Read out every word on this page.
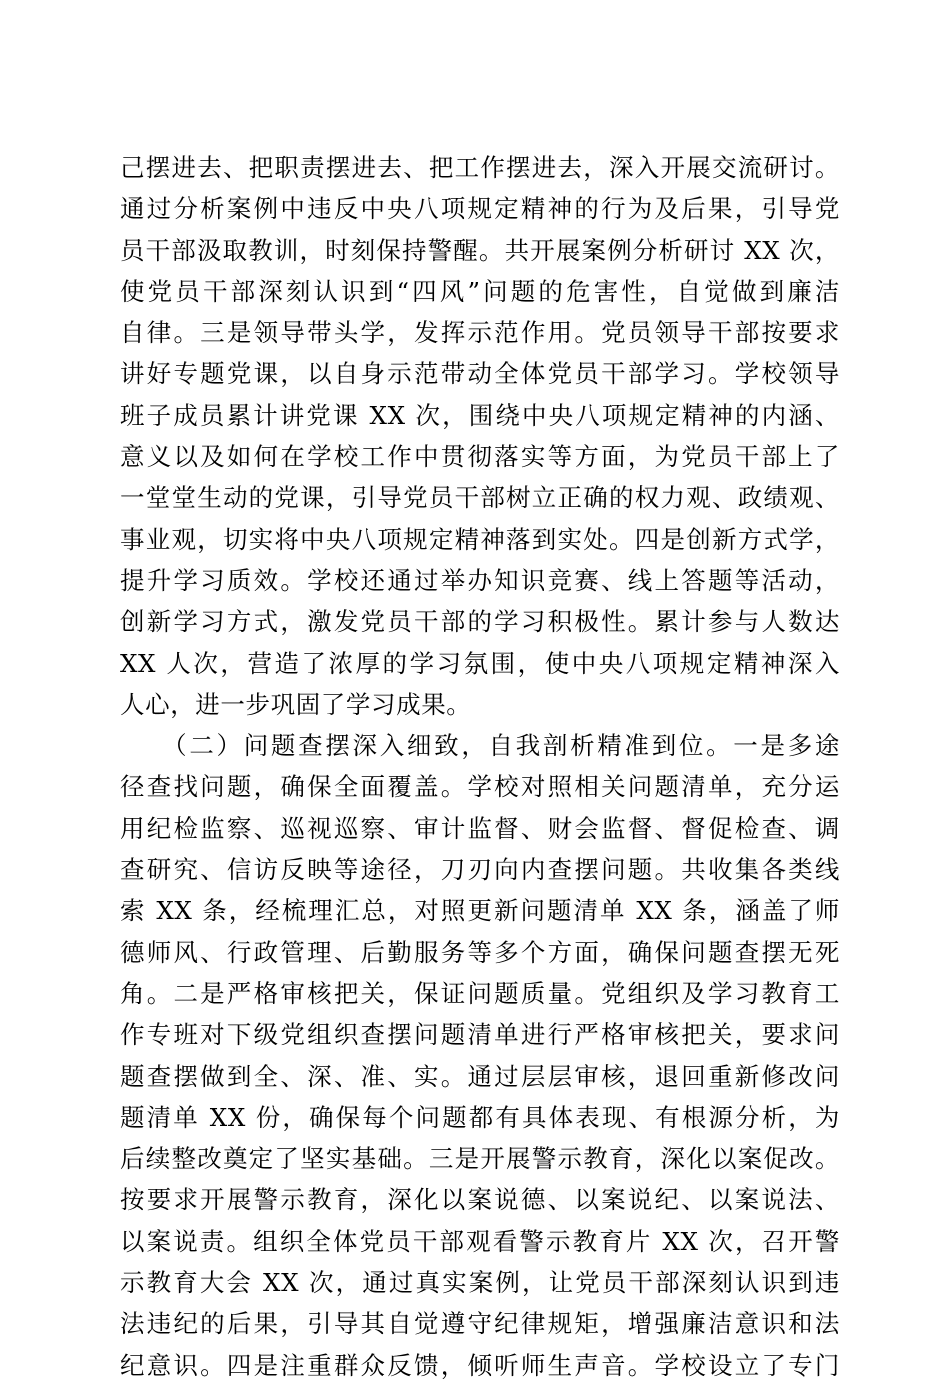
己摆进去、把职责摆进去、把工作摆进去，深入开展交流研讨。
通过分析案例中违反中央八项规定精神的行为及后果，引导党
员干部汲取教训，时刻保持警醒。共开展案例分析研讨 XX 次，
使党员干部深刻认识到“四风”问题的危害性，自觉做到廉洁
自律。三是领导带头学，发挥示范作用。党员领导干部按要求
讲好专题党课，以自身示范带动全体党员干部学习。学校领导
班子成员累计讲党课 XX 次，围绕中央八项规定精神的内涵、
意义以及如何在学校工作中贯彻落实等方面，为党员干部上了
一堂堂生动的党课，引导党员干部树立正确的权力观、政绩观、
事业观，切实将中央八项规定精神落到实处。四是创新方式学，
提升学习质效。学校还通过举办知识竞赛、线上答题等活动，
创新学习方式，激发党员干部的学习积极性。累计参与人数达
XX 人次，营造了浓厚的学习氛围，使中央八项规定精神深入
人心，进一步巩固了学习成果。
　　（二）问题查摆深入细致，自我剖析精准到位。一是多途
径查找问题，确保全面覆盖。学校对照相关问题清单，充分运
用纪检监察、巡视巡察、审计监督、财会监督、督促检查、调
查研究、信访反映等途径，刀刃向内查摆问题。共收集各类线
索 XX 条，经梳理汇总，对照更新问题清单 XX 条，涵盖了师
德师风、行政管理、后勤服务等多个方面，确保问题查摆无死
角。二是严格审核把关，保证问题质量。党组织及学习教育工
作专班对下级党组织查摆问题清单进行严格审核把关，要求问
题查摆做到全、深、准、实。通过层层审核，退回重新修改问
题清单 XX 份，确保每个问题都有具体表现、有根源分析，为
后续整改奠定了坚实基础。三是开展警示教育，深化以案促改。
按要求开展警示教育，深化以案说德、以案说纪、以案说法、
以案说责。组织全体党员干部观看警示教育片 XX 次，召开警
示教育大会 XX 次，通过真实案例，让党员干部深刻认识到违
法违纪的后果，引导其自觉遵守纪律规矩，增强廉洁意识和法
纪意识。四是注重群众反馈，倾听师生声音。学校设立了专门
